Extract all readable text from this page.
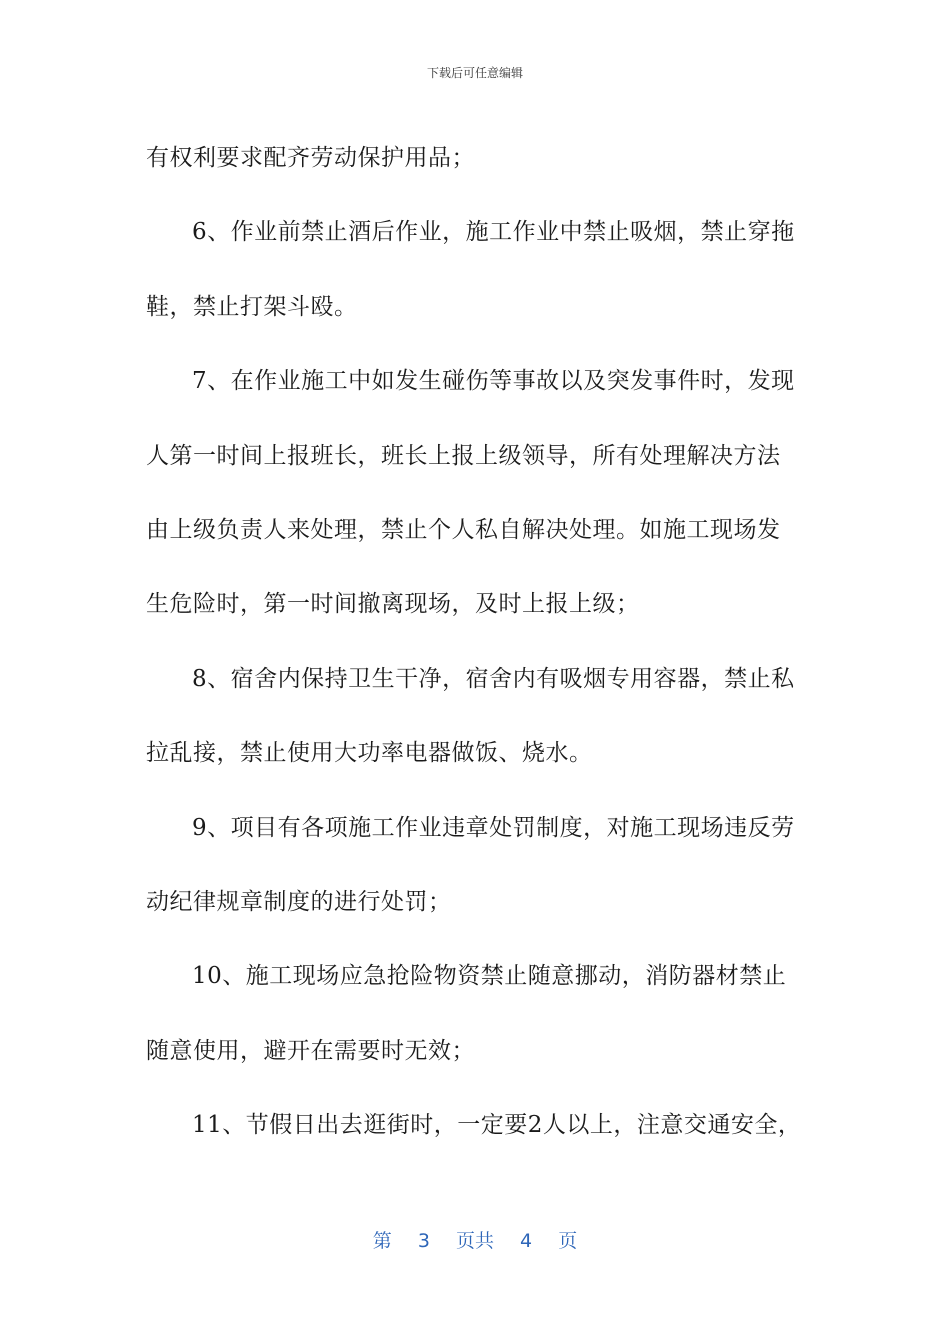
下载后可任意编辑
有权利要求配齐劳动保护用品；
6、作业前禁止酒后作业，施工作业中禁止吸烟，禁止穿拖
鞋，禁止打架斗殴。
7、在作业施工中如发生碰伤等事故以及突发事件时，发现
人第一时间上报班长，班长上报上级领导，所有处理解决方法
由上级负责人来处理，禁止个人私自解决处理。如施工现场发
生危险时，第一时间撤离现场，及时上报上级；
8、宿舍内保持卫生干净，宿舍内有吸烟专用容器，禁止私
拉乱接，禁止使用大功率电器做饭、烧水。
9、项目有各项施工作业违章处罚制度，对施工现场违反劳
动纪律规章制度的进行处罚；
10、施工现场应急抢险物资禁止随意挪动，消防器材禁止
随意使用，避开在需要时无效；
11、节假日出去逛街时，一定要2人以上，注意交通安全，
第 3 页共 4 页
